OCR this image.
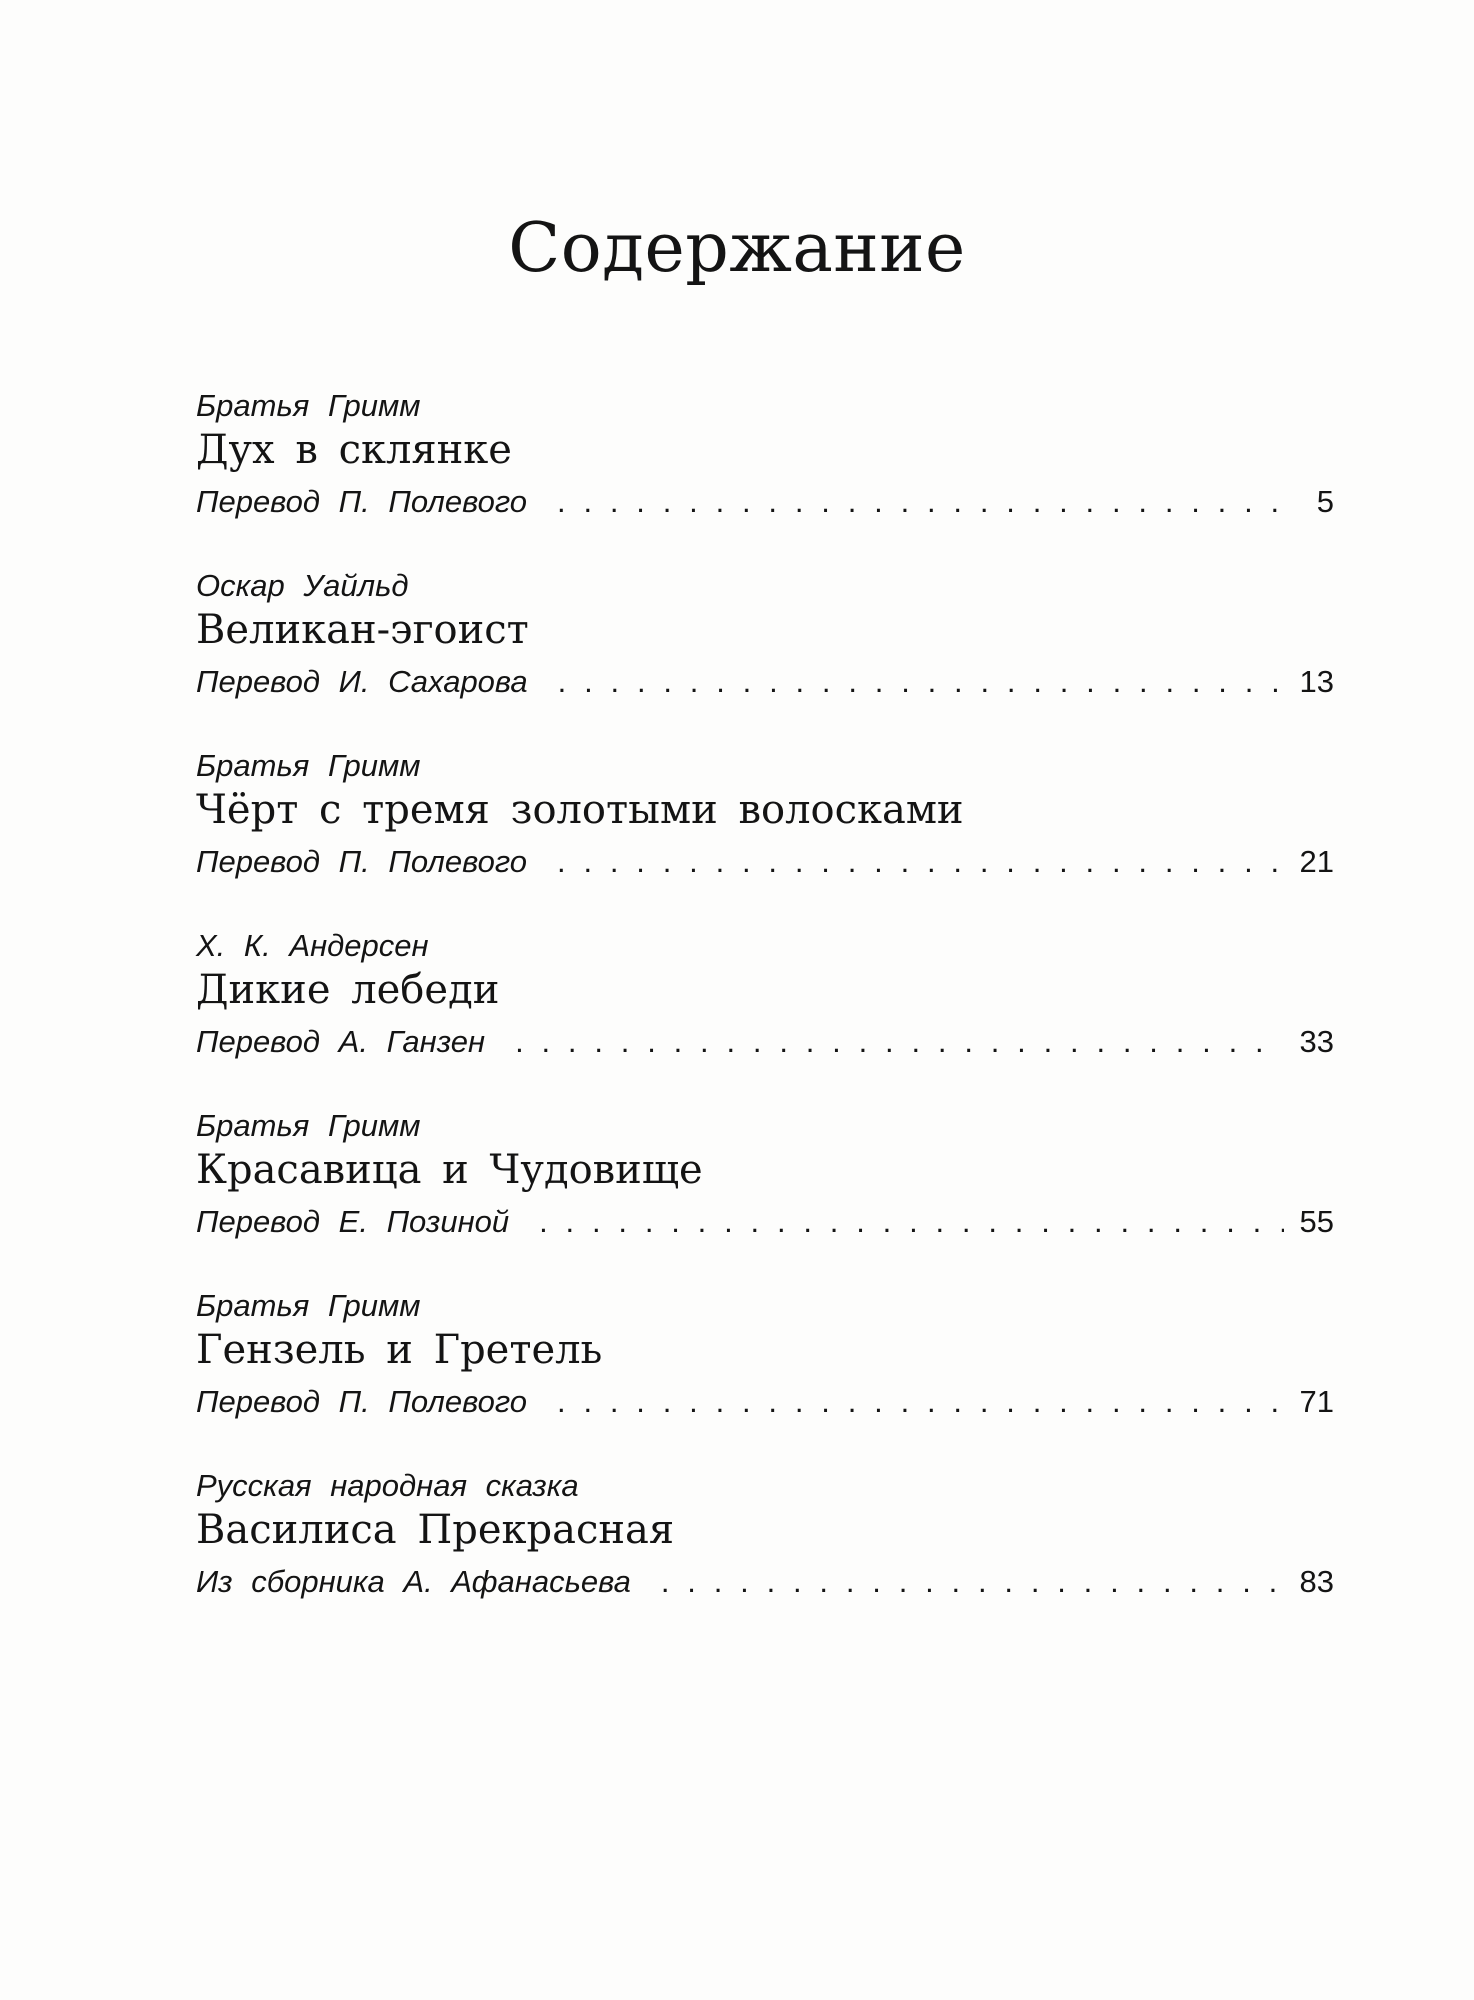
Содержание
Братья Гримм
Дух в склянке
Перевод П. Полевого . . .	5
Оскар Уайльд
Великан-эгоист
Перевод И. Сахарова . . .	13
Братья Гримм
Чёрт с тремя золотыми волосками
Перевод П. Полевого . . .	21
Х. К. Андерсен
Дикие лебеди
Перевод А. Ганзен . . .	33
Братья Гримм
Красавица и Чудовище
Перевод Е. Позиной . . .	55
Братья Гримм
Гензель и Гретель
Перевод П. Полевого . . .	71
Русская народная сказка
Василиса Прекрасная
Из сборника А. Афанасьева . . .	83
